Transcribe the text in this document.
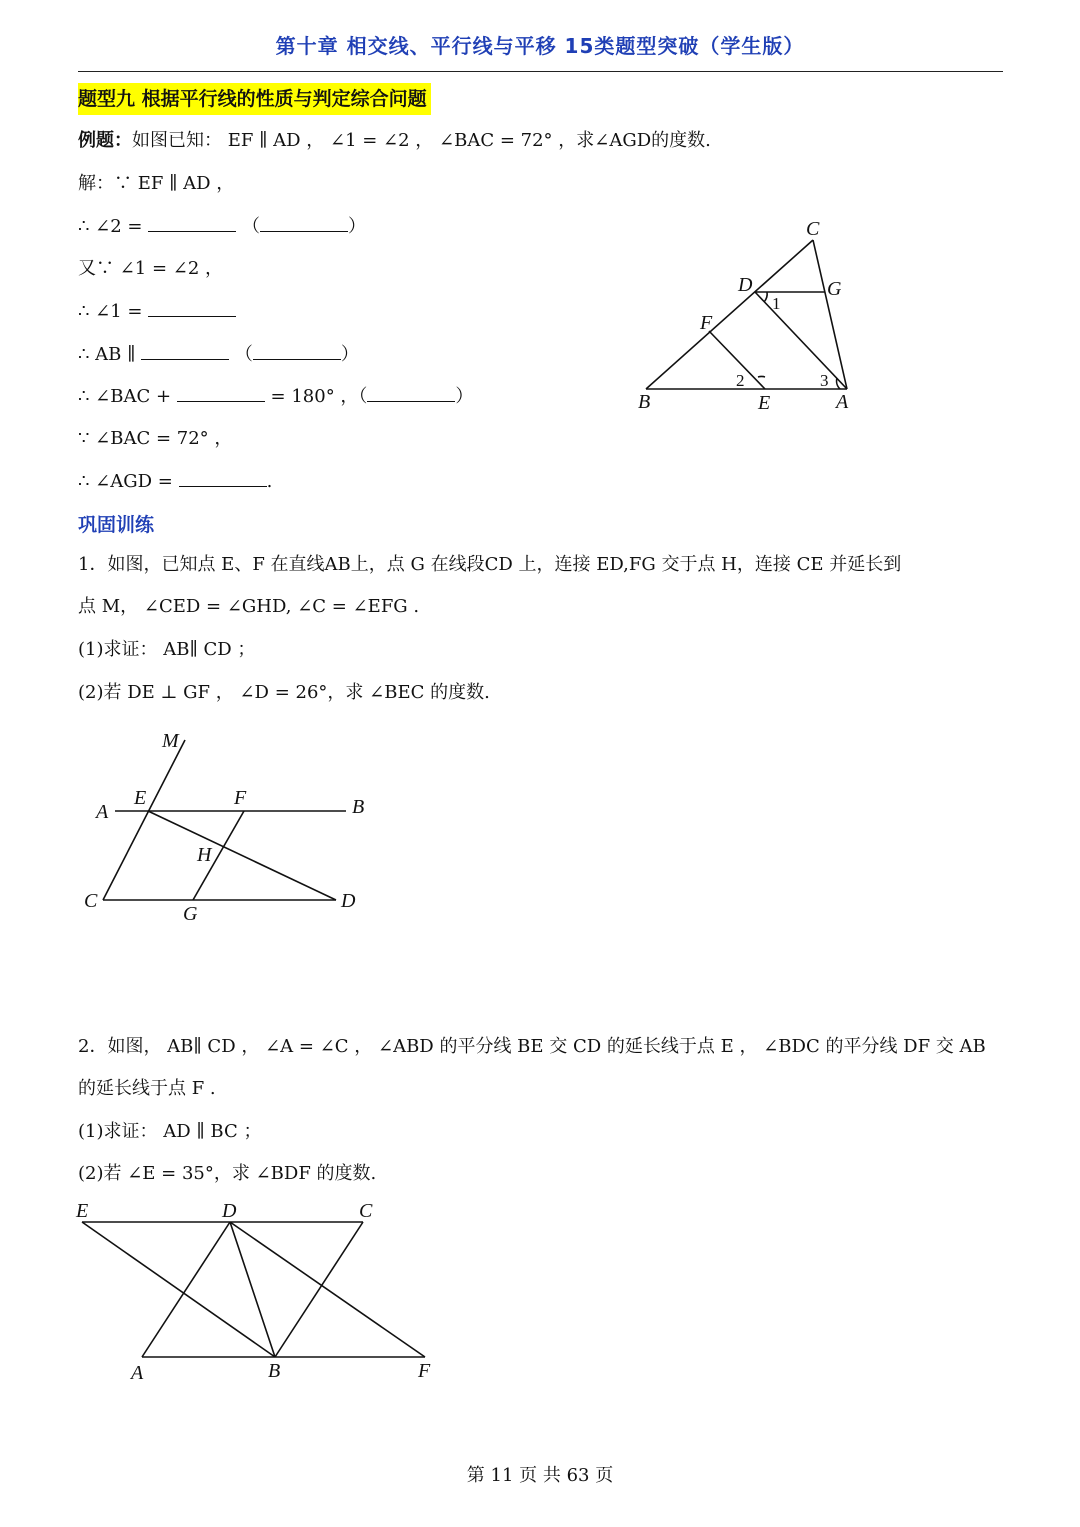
第十章 相交线、平行线与平移 15类题型突破（学生版）
题型九 根据平行线的性质与判定综合问题
例题：如图已知： EF ∥ AD ， ∠1 = ∠2 ， ∠BAC = 72° ，求∠AGD的度数.
解：∵ EF ∥ AD ，
∴ ∠2 =	（	）
又∵ ∠1 = ∠2 ，
∴ ∠1 =
∴ AB ∥	（	）
∴ ∠BAC +	= 180° ，（	）
∵ ∠BAC = 72° ，
∴ ∠AGD =	.
C
D	G
F
B	E	A
1
2	3
巩固训练
1．如图，已知点 E、F 在直线AB上，点 G 在线段CD 上，连接 ED,FG 交于点 H，连接 CE 并延长到
点 M， ∠CED = ∠GHD, ∠C = ∠EFG .
(1)求证： AB∥ CD ；
(2)若 DE ⊥ GF ， ∠D = 26°，求 ∠BEC 的度数.
M
E	F
A	B
H
C
G
D
2．如图， AB∥ CD ， ∠A = ∠C ， ∠ABD 的平分线 BE 交 CD 的延长线于点 E ， ∠BDC 的平分线 DF 交 AB
的延长线于点 F .
(1)求证： AD ∥ BC ；
(2)若 ∠E = 35°，求 ∠BDF 的度数.
E	D	C
A	B	F
第 11 页 共 63 页
